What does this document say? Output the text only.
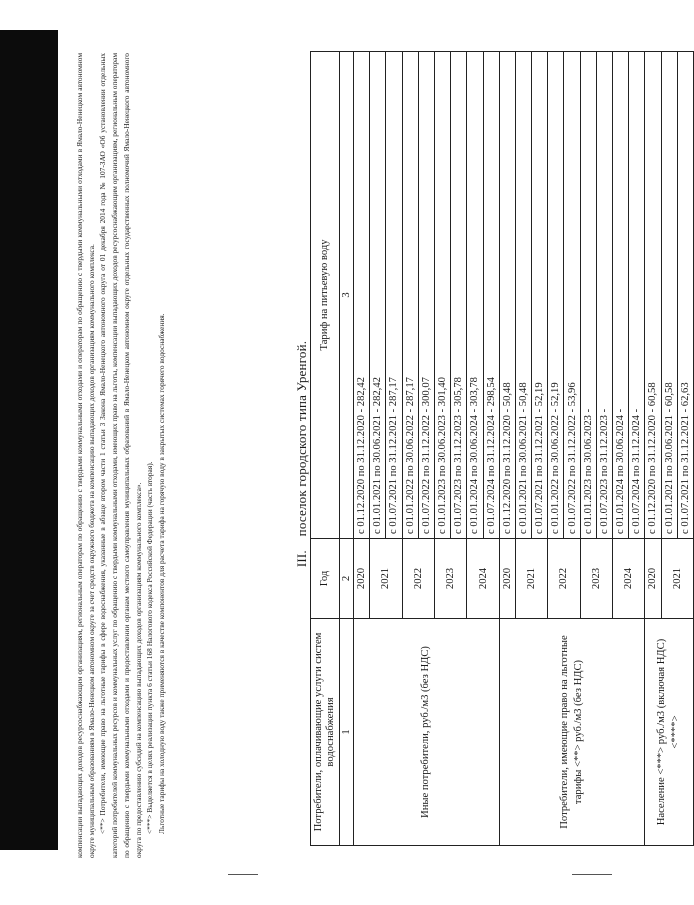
компенсации выпадающих доходов ресурсоснабжающим организациям, региональным операторам по обращению с твердыми коммунальными отходами и операторам по обращению с твердыми коммунальными отходами в Ямало-Ненецком автономном округе муниципальным образованиям в Ямало-Ненецком автономном округе за счет средств окружного бюджета на компенсацию выпадающих доходов организациям коммунального комплекса. <**> Потребители, имеющие право на льготные тарифы в сфере водоснабжения, указанные в абзаце втором части 1 статьи 3 Закона Ямало-Ненецкого автономного округа от 01 декабря 2014 года № 107-ЗАО «Об установлении отдельных категорий потребителей коммунальных ресурсов и коммунальных услуг по обращению с твердыми коммунальными отходами, имеющих право на льготы, компенсации выпадающих доходов ресурсоснабжающим организациям, региональным операторам по обращению с твердыми коммунальными отходами и предоставлении органам местного самоуправления муниципальных образований в Ямало-Ненецком автономном округе отдельных государственных полномочий Ямало-Ненецкого автономного округа по предоставлению субсидий на компенсацию выпадающих доходов организациям коммунального комплекса». <***> Выделяется в целях реализации пункта 6 статьи 168 Налогового кодекса Российской Федерации (часть вторая). Льготные тарифы на холодную воду также применяются в качестве компонентов для расчета тарифа на горячую воду в закрытых системах горячего водоснабжения.	III.    поселок городского типа Уренгой.
Потребители, оплачивающие услуги систем водоснабжения	Год	Тариф на питьевую воду
1	2	3
Иные потребители, руб./м3 (без НДС)	2020	с 01.12.2020 по 31.12.2020 - 282,42
	2021	с 01.01.2021 по 30.06.2021 - 282,42
		с 01.07.2021 по 31.12.2021 - 287,17
	2022	с 01.01.2022 по 30.06.2022 - 287,17
		с 01.07.2022 по 31.12.2022 - 300,07
	2023	с 01.01.2023 по 30.06.2023 - 301,40
		с 01.07.2023 по 31.12.2023 - 305,78
	2024	с 01.01.2024 по 30.06.2024 - 303,78
		с 01.07.2024 по 31.12.2024 - 298,54
Потребители, имеющие право на льготные тарифы <**> руб./м3 (без НДС)	2020	с 01.12.2020 по 31.12.2020 - 50,48
	2021	с 01.01.2021 по 30.06.2021 - 50,48
		с 01.07.2021 по 31.12.2021 - 52,19
	2022	с 01.01.2022 по 30.06.2022 - 52,19
		с 01.07.2022 по 31.12.2022 - 53,96
	2023	с 01.01.2023 по 30.06.2023 -
		с 01.07.2023 по 31.12.2023 -
	2024	с 01.01.2024 по 30.06.2024 -
		с 01.07.2024 по 31.12.2024 -
Население <***> руб./м3 (включая НДС) <****>	2020	с 01.12.2020 по 31.12.2020 - 60,58
	2021	с 01.01.2021 по 30.06.2021 - 60,58
		с 01.07.2021 по 31.12.2021 - 62,63
